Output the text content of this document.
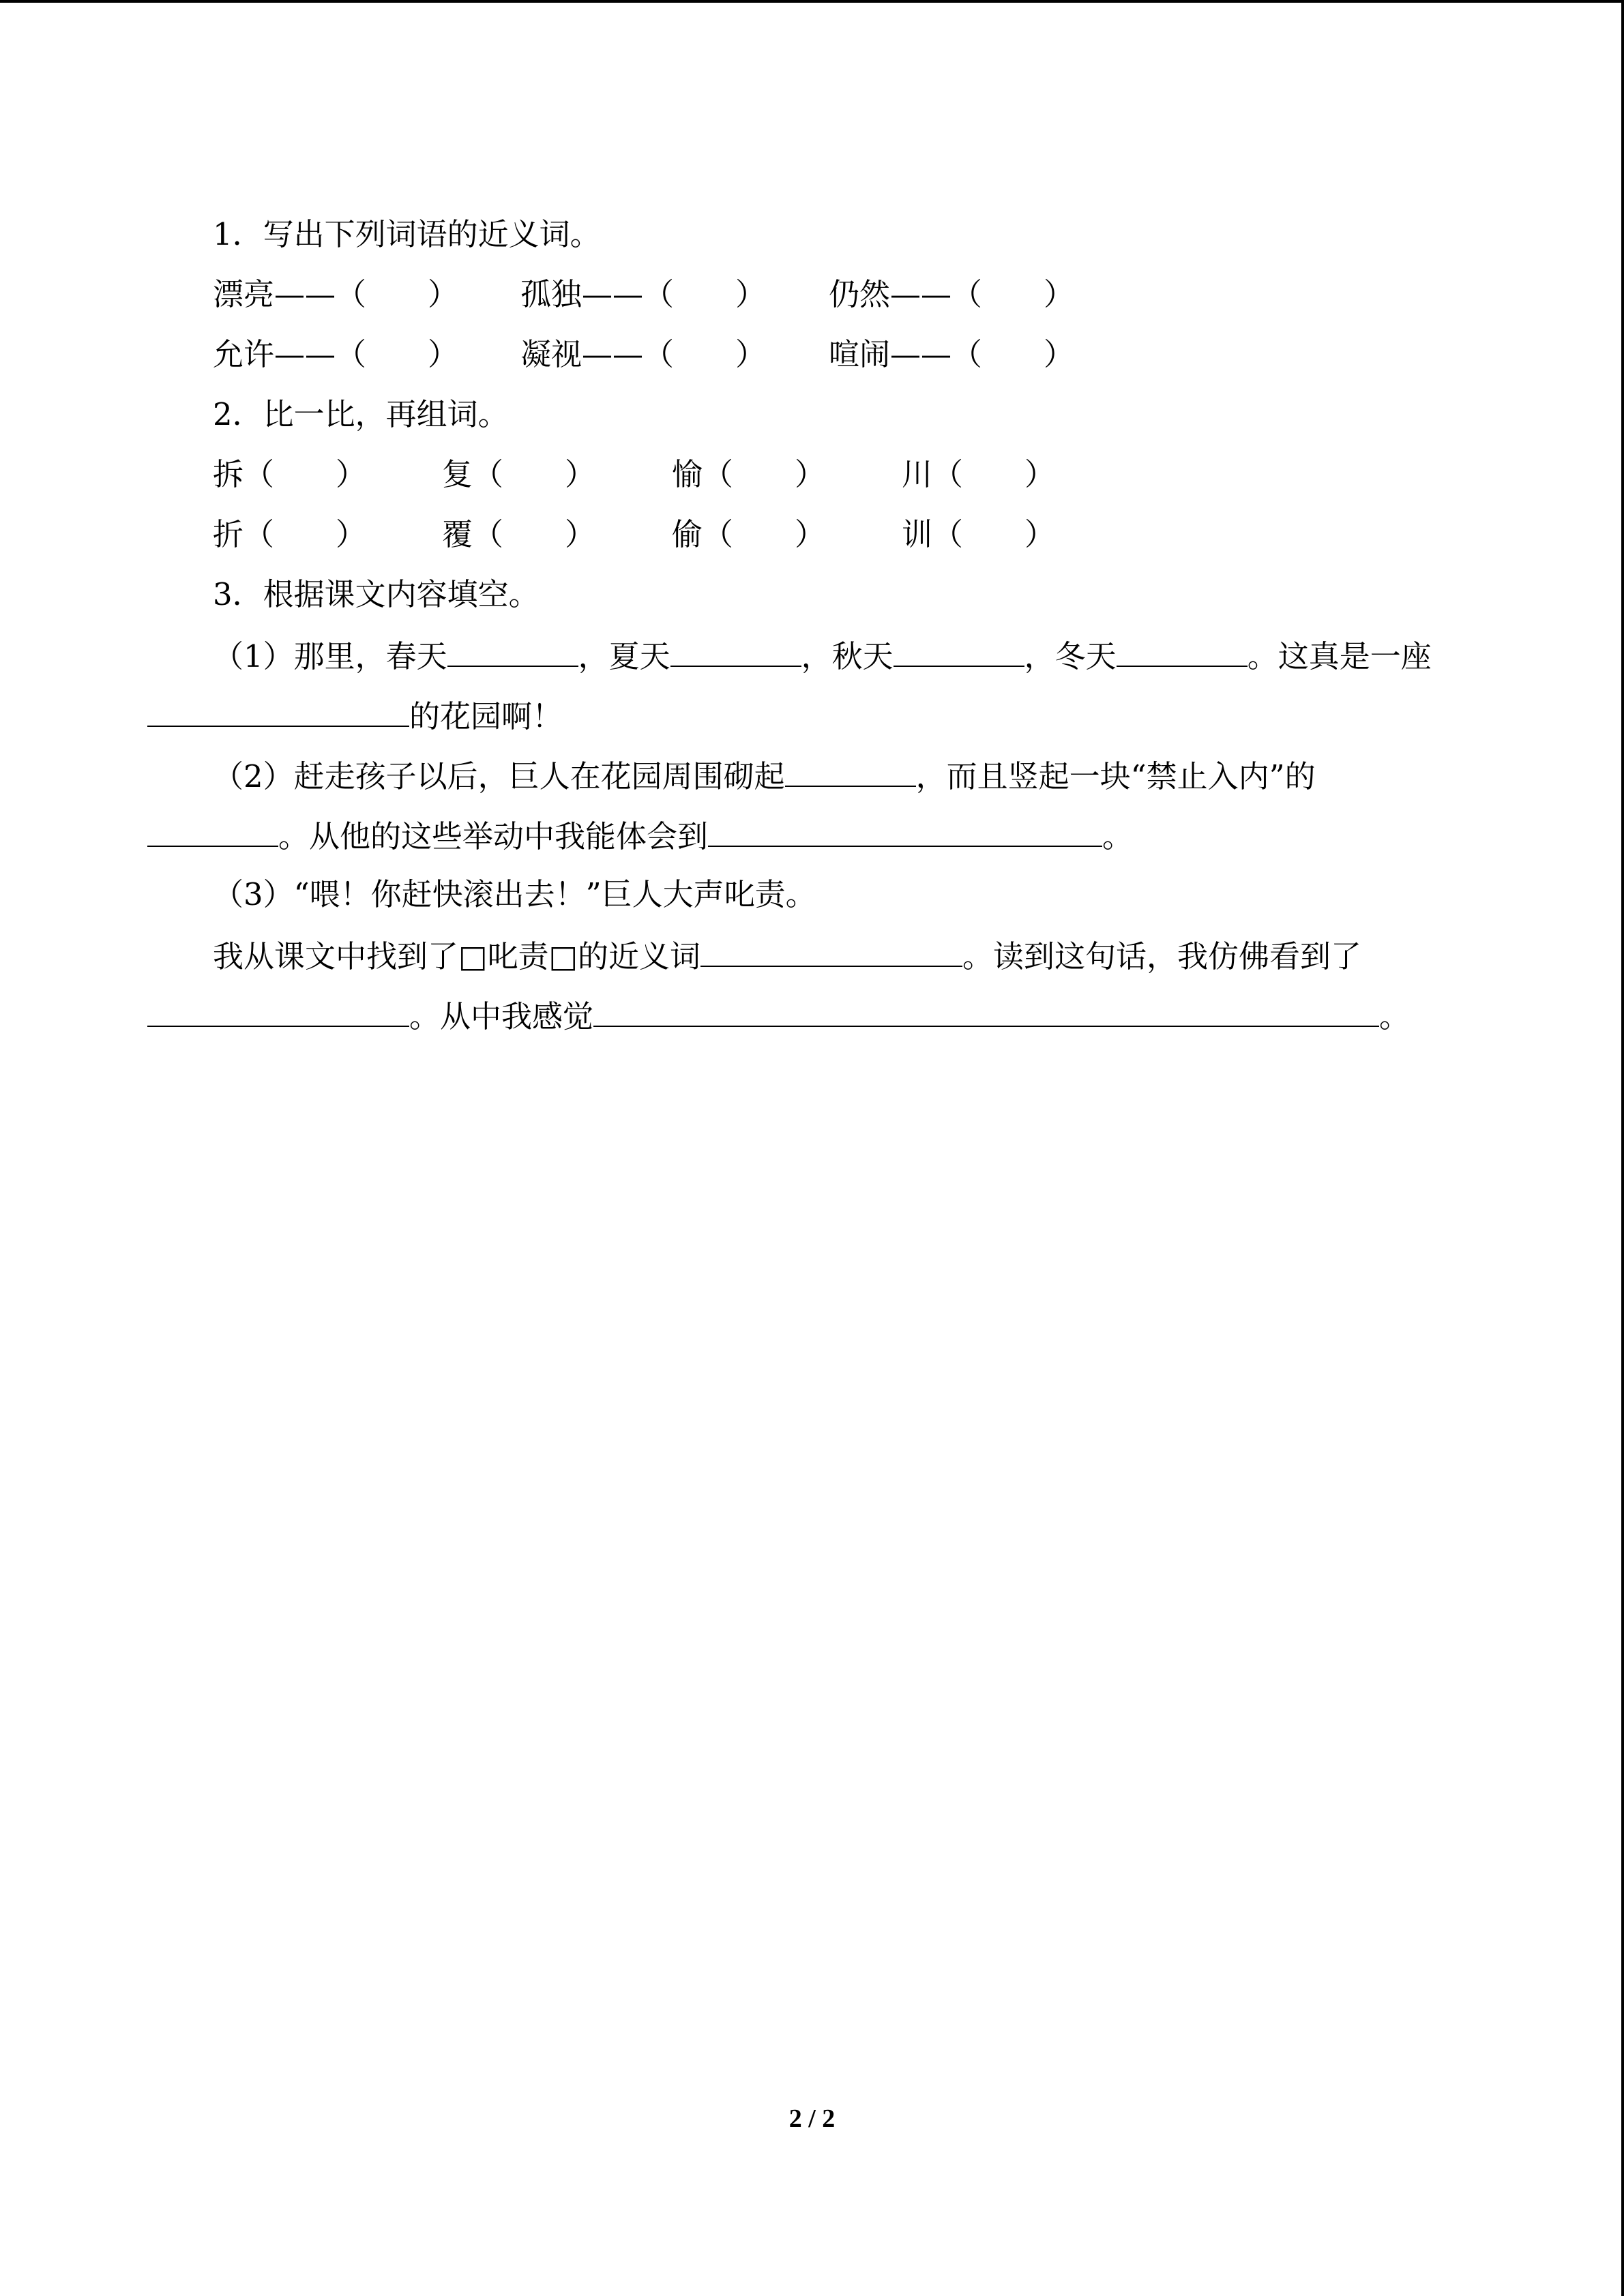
1．写出下列词语的近义词。
漂亮——（　　） 孤独——（　　） 仍然——（　　）
允许——（　　） 凝视——（　　） 喧闹——（　　）
2．比一比，再组词。
拆（　　） 复（　　） 愉（　　） 川（　　）
折（　　） 覆（　　） 偷（　　） 训（　　）
3．根据课文内容填空。
（1）那里，春天	，夏天	，秋天	，冬天	。这真是一座
的花园啊！
（2）赶走孩子以后，巨人在花园周围砌起	，而且竖起一块“禁止入内”的
。从他的这些举动中我能体会到	。
（3）“喂！你赶快滚出去！”巨人大声叱责。
我从课文中找到了□叱责□的近义词	。读到这句话，我仿佛看到了
。从中我感觉	。
2 / 2
